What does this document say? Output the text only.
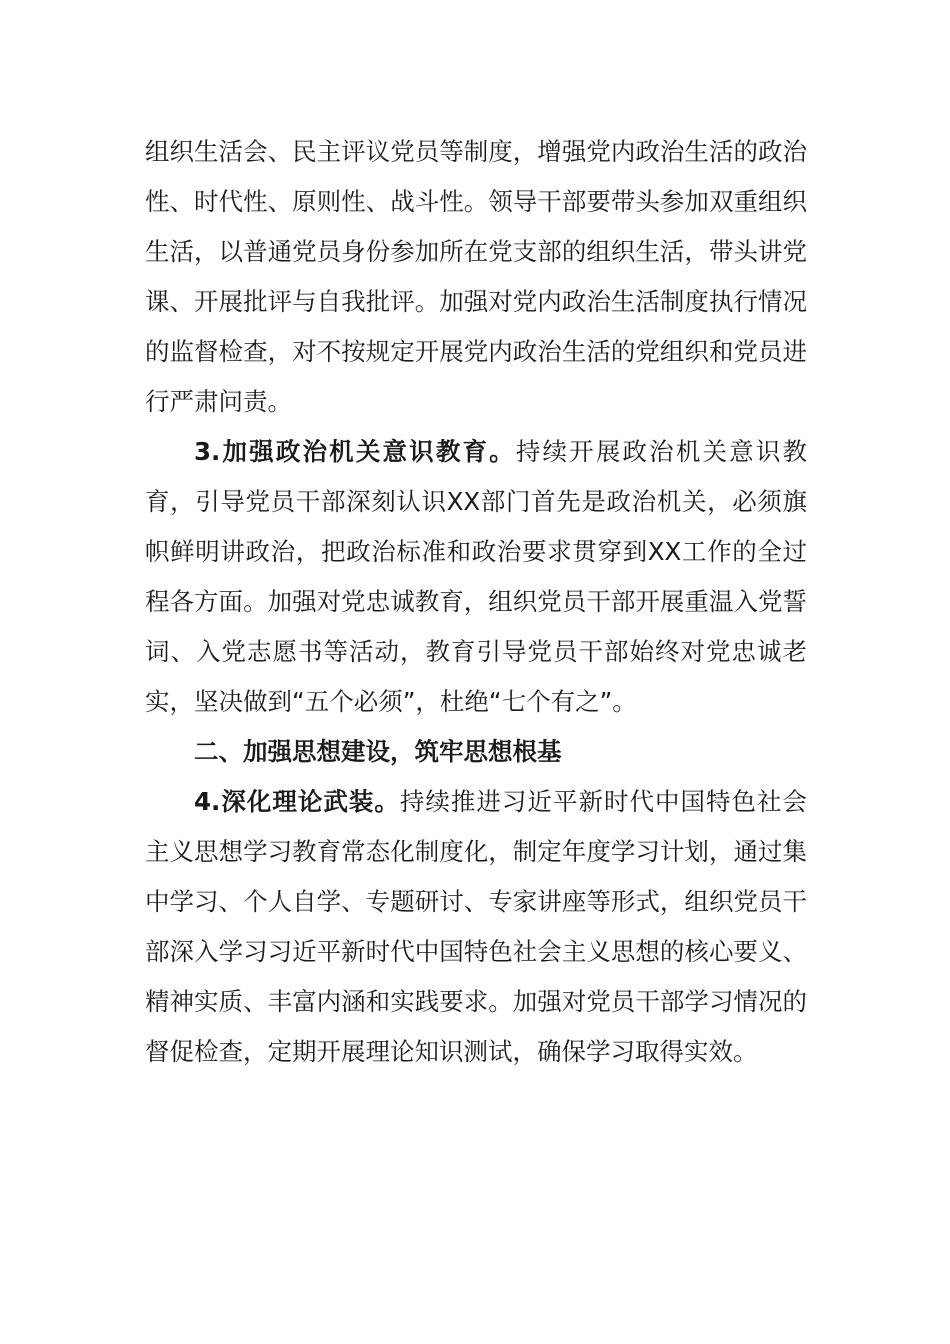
组织生活会、民主评议党员等制度，增强党内政治生活的政治性、时代性、原则性、战斗性。领导干部要带头参加双重组织生活，以普通党员身份参加所在党支部的组织生活，带头讲党课、开展批评与自我批评。加强对党内政治生活制度执行情况的监督检查，对不按规定开展党内政治生活的党组织和党员进行严肃问责。

3.加强政治机关意识教育。持续开展政治机关意识教育，引导党员干部深刻认识XX部门首先是政治机关，必须旗帜鲜明讲政治，把政治标准和政治要求贯穿到XX工作的全过程各方面。加强对党忠诚教育，组织党员干部开展重温入党誓词、入党志愿书等活动，教育引导党员干部始终对党忠诚老实，坚决做到“五个必须”，杜绝“七个有之”。

二、加强思想建设，筑牢思想根基

4.深化理论武装。持续推进习近平新时代中国特色社会主义思想学习教育常态化制度化，制定年度学习计划，通过集中学习、个人自学、专题研讨、专家讲座等形式，组织党员干部深入学习习近平新时代中国特色社会主义思想的核心要义、精神实质、丰富内涵和实践要求。加强对党员干部学习情况的督促检查，定期开展理论知识测试，确保学习取得实效。
